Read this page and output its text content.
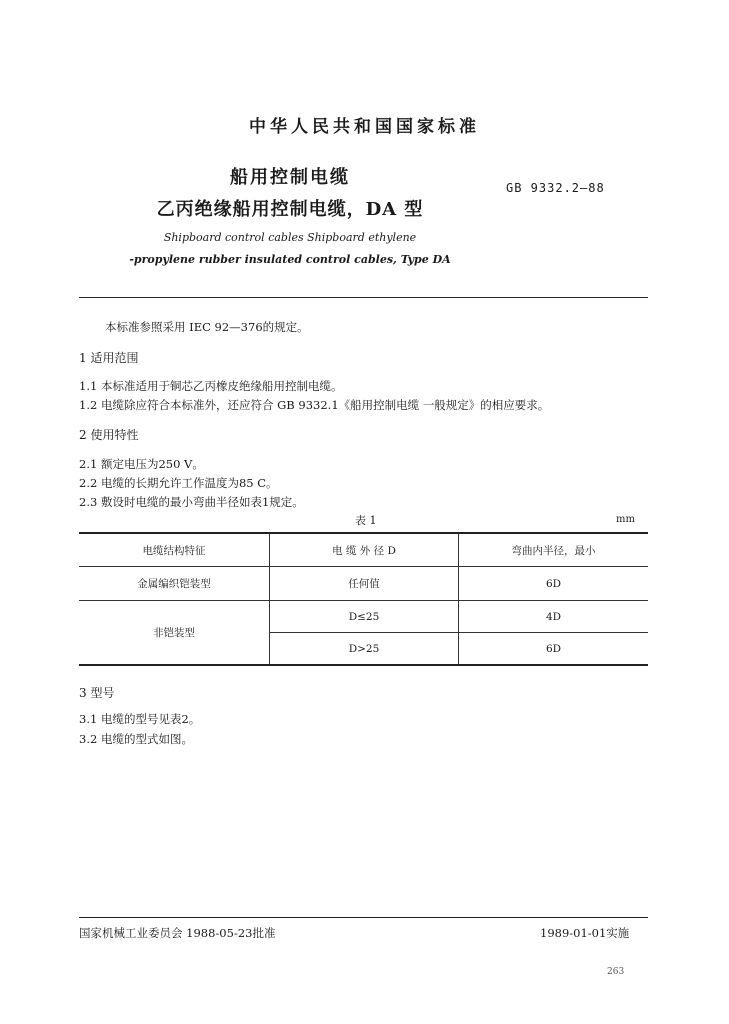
中华人民共和国国家标准
船用控制电缆
乙丙绝缘船用控制电缆，DA 型
GB 9332.2—88
Shipboard control cables Shipboard ethylene
-propylene rubber insulated control cables, Type DA
本标准参照采用 IEC 92—376的规定。
1 适用范围
1.1 本标准适用于铜芯乙丙橡皮绝缘船用控制电缆。
1.2 电缆除应符合本标准外，还应符合 GB 9332.1《船用控制电缆 一般规定》的相应要求。
2 使用特性
2.1 额定电压为250 V。
2.2 电缆的长期允许工作温度为85 C。
2.3 敷设时电缆的最小弯曲半径如表1规定。
表 1	mm
电缆结构特征	电 缆 外 径 D	弯曲内半径，最小
金属编织铠装型	任何值	6D
非铠装型	D≤25	4D
	D>25	6D
3 型号
3.1 电缆的型号见表2。
3.2 电缆的型式如图。
国家机械工业委员会 1988-05-23批准	1989-01-01实施
263
